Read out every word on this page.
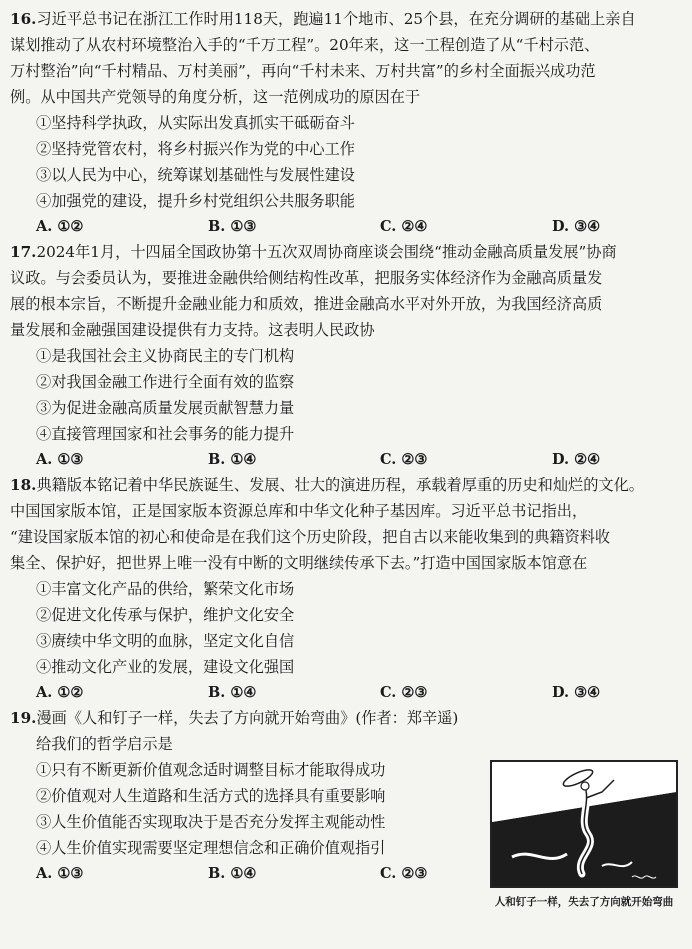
16.习近平总书记在浙江工作时用118天，跑遍11个地市、25个县，在充分调研的基础上亲自
谋划推动了从农村环境整治入手的“千万工程”。20年来，这一工程创造了从“千村示范、
万村整治”向“千村精品、万村美丽”，再向“千村未来、万村共富”的乡村全面振兴成功范
例。从中国共产党领导的角度分析，这一范例成功的原因在于
①坚持科学执政，从实际出发真抓实干砥砺奋斗
②坚持党管农村，将乡村振兴作为党的中心工作
③以人民为中心，统筹谋划基础性与发展性建设
④加强党的建设，提升乡村党组织公共服务职能
A. ①②	B. ①③	C. ②④	D. ③④
17.2024年1月，十四届全国政协第十五次双周协商座谈会围绕“推动金融高质量发展”协商
议政。与会委员认为，要推进金融供给侧结构性改革，把服务实体经济作为金融高质量发
展的根本宗旨，不断提升金融业能力和质效，推进金融高水平对外开放，为我国经济高质
量发展和金融强国建设提供有力支持。这表明人民政协
①是我国社会主义协商民主的专门机构
②对我国金融工作进行全面有效的监察
③为促进金融高质量发展贡献智慧力量
④直接管理国家和社会事务的能力提升
A. ①③	B. ①④	C. ②③	D. ②④
18.典籍版本铭记着中华民族诞生、发展、壮大的演进历程，承载着厚重的历史和灿烂的文化。
中国国家版本馆，正是国家版本资源总库和中华文化种子基因库。习近平总书记指出，
“建设国家版本馆的初心和使命是在我们这个历史阶段，把自古以来能收集到的典籍资料收
集全、保护好，把世界上唯一没有中断的文明继续传承下去。”打造中国国家版本馆意在
①丰富文化产品的供给，繁荣文化市场
②促进文化传承与保护，维护文化安全
③赓续中华文明的血脉，坚定文化自信
④推动文化产业的发展，建设文化强国
A. ①②	B. ①④	C. ②③	D. ③④
19.漫画《人和钉子一样，失去了方向就开始弯曲》(作者：郑辛遥)
给我们的哲学启示是
①只有不断更新价值观念适时调整目标才能取得成功
②价值观对人生道路和生活方式的选择具有重要影响
③人生价值能否实现取决于是否充分发挥主观能动性
④人生价值实现需要坚定理想信念和正确价值观指引
A. ①③	B. ①④	C. ②③
人和钉子一样，失去了方向就开始弯曲
